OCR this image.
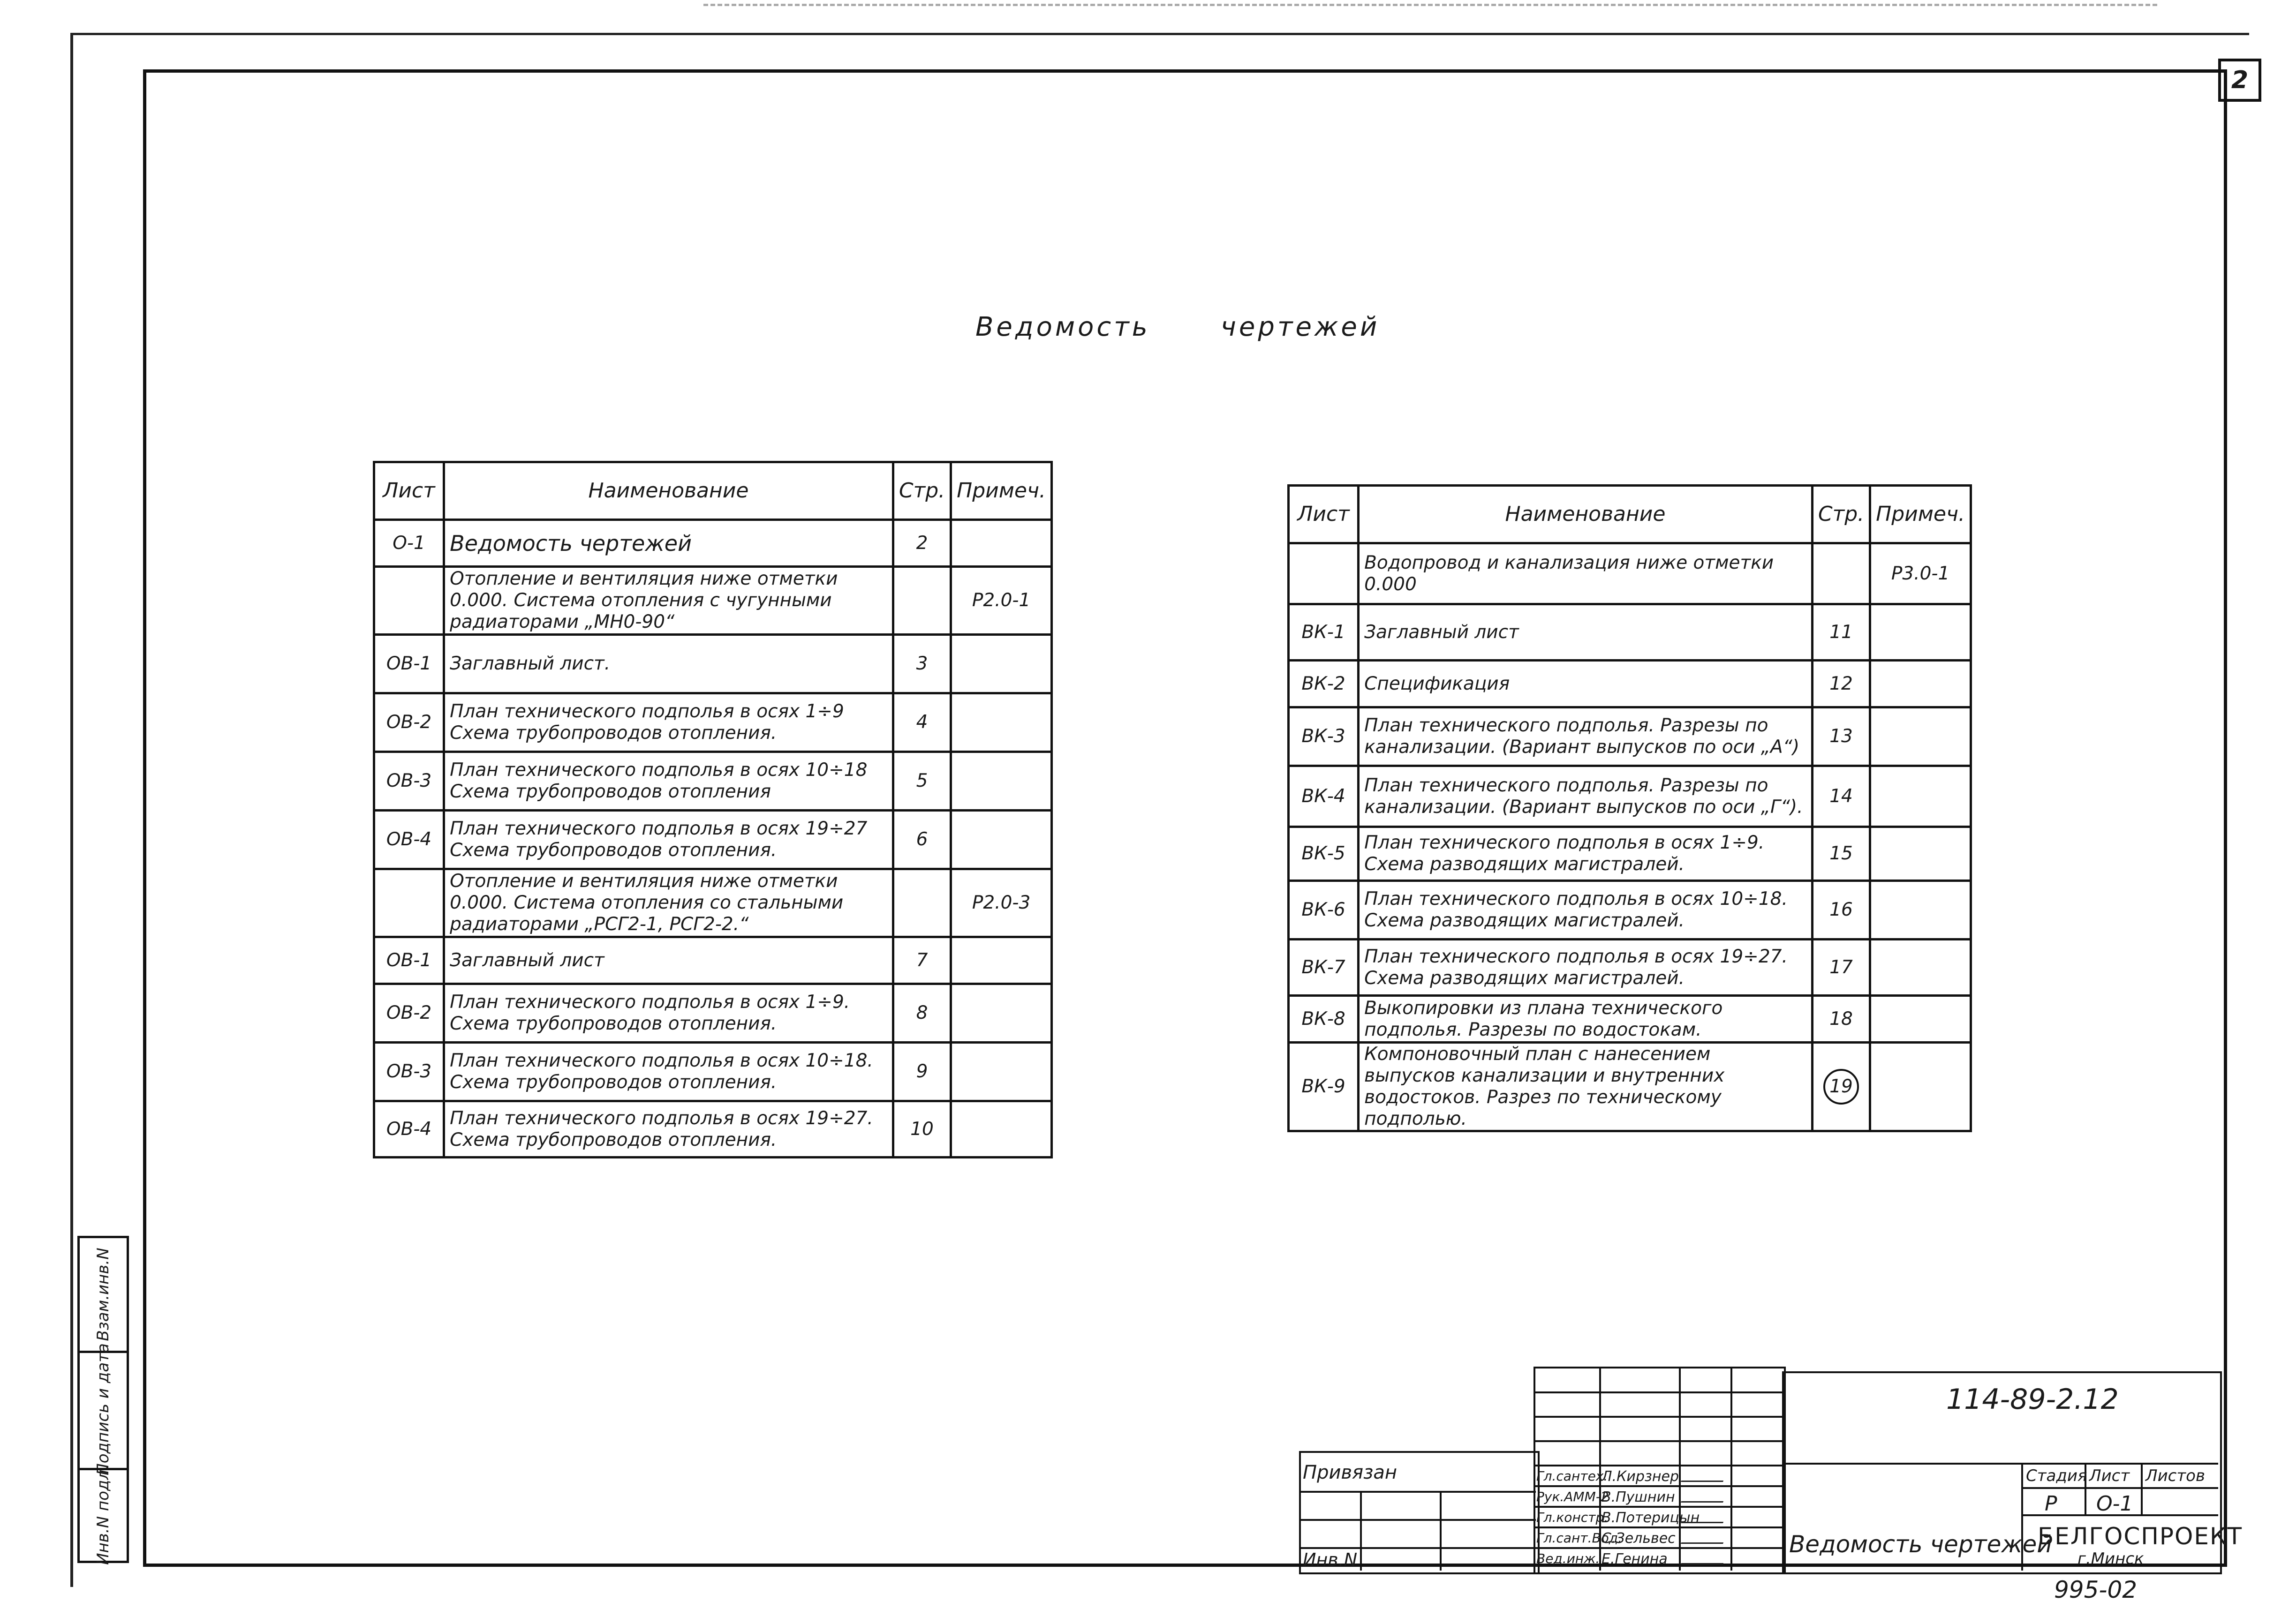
2
Ведомость	чертежей
Лист	Наименование	Стр.	Примеч.
О-1	Ведомость чертежей	2	
	Отопление и вентиляция ниже отметки 0.000. Система отопления с чугунными радиаторами „МН0-90“		Р2.0-1
ОВ-1	Заглавный лист.	3	
ОВ-2	План технического подполья в осях 1÷9 Схема трубопроводов отопления.	4	
ОВ-3	План технического подполья в осях 10÷18 Схема трубопроводов отопления	5	
ОВ-4	План технического подполья в осях 19÷27 Схема трубопроводов отопления.	6	
	Отопление и вентиляция ниже отметки 0.000. Система отопления со стальными радиаторами „РСГ2-1, РСГ2-2.“		Р2.0-3
ОВ-1	Заглавный лист	7	
ОВ-2	План технического подполья в осях 1÷9. Схема трубопроводов отопления.	8	
ОВ-3	План технического подполья в осях 10÷18. Схема трубопроводов отопления.	9	
ОВ-4	План технического подполья в осях 19÷27. Схема трубопроводов отопления.	10	
Лист	Наименование	Стр.	Примеч.
	Водопровод и канализация ниже отметки 0.000		Р3.0-1
ВК-1	Заглавный лист	11	
ВК-2	Спецификация	12	
ВК-3	План технического подполья. Разрезы по канализации. (Вариант выпусков по оси „А“)	13	
ВК-4	План технического подполья. Разрезы по канализации. (Вариант выпусков по оси „Г“).	14	
ВК-5	План технического подполья в осях 1÷9. Схема разводящих магистралей.	15	
ВК-6	План технического подполья в осях 10÷18. Схема разводящих магистралей.	16	
ВК-7	План технического подполья в осях 19÷27. Схема разводящих магистралей.	17	
ВК-8	Выкопировки из плана технического подполья. Разрезы по водостокам.	18	
ВК-9	Компоновочный план с нанесением выпусков канализации и внутренних водостоков. Разрез по техническому подполью.	19	
Взам.инв.N
Подпись и дата
Инв.N подл.	Привязан
Инв.N
Гл.сантех.
Л.Кирзнер
Рук.АММ-2
В.Пушнин
Гл.констр.
В.Потерицын
Гл.сант.Вод.
С.Зельвес
Вед.инж. Е.Генина
114-89-2.12
Стадия Лист Листов
Р О-1
Ведомость чертежей
БЕЛГОСПРОЕКТ
г.Минск
995-02
